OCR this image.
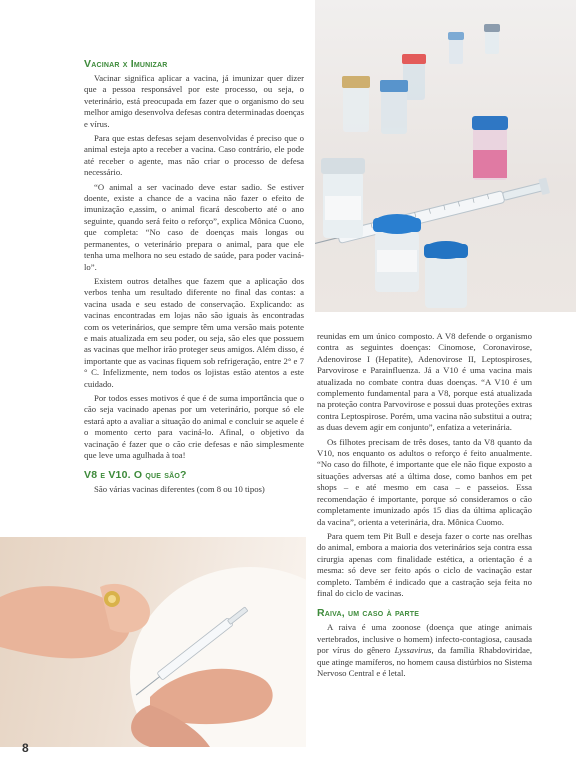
Vacinar x Imunizar

Vacinar significa aplicar a vacina, já imunizar quer dizer que a pessoa responsável por este processo, ou seja, o veterinário, está preocupada em fazer que o organismo do seu melhor amigo desenvolva defesas contra determinadas doenças e vírus.

Para que estas defesas sejam desenvolvidas é preciso que o animal esteja apto a receber a vacina. Caso contrário, ele pode até receber o agente, mas não criar o processo de defesa necessário.

“O animal a ser vacinado deve estar sadio. Se estiver doente, existe a chance de a vacina não fazer o efeito de imunização e,assim, o animal ficará descoberto até o ano seguinte, quando será feito o reforço”, explica Mônica Cuono, que completa: “No caso de doenças mais longas ou permanentes, o veterinário prepara o animal, para que ele tenha uma melhora no seu estado de saúde, para poder vaciná-lo”.

Existem outros detalhes que fazem que a aplicação dos verbos tenha um resultado diferente no final das contas: a vacina usada e seu estado de conservação. Explicando: as vacinas encontradas em lojas não são iguais às encontradas com os veterinários, que sempre têm uma versão mais potente e mais atualizada em seu poder, ou seja, são eles que possuem as vacinas que melhor irão proteger seus amigos. Além disso, é importante que as vacinas fiquem sob refrigeração, entre 2° e 7 ° C. Infelizmente, nem todos os lojistas estão atentos a este cuidado.

Por todos esses motivos é que é de suma importância que o cão seja vacinado apenas por um veterinário, porque só ele estará apto a avaliar a situação do animal e concluir se aquele é o momento certo para vaciná-lo. Afinal, o objetivo da vacinação é fazer que o cão crie defesas e não simplesmente que leve uma agulhada à toa!

V8 e V10. O que são?

São várias vacinas diferentes (com 8 ou 10 tipos)

reunidas em um único composto. A V8 defende o organismo contra as seguintes doenças: Cinomose, Coronavirose, Adenovirose I (Hepatite), Adenovirose II, Leptospiroses, Parvovirose e Parainfluenza. Já a V10 é uma vacina mais atualizada no combate contra duas doenças. “A V10 é um complemento fundamental para a V8, porque está atualizada na proteção contra Parvovirose e possui duas proteções extras contra Leptospirose. Porém, uma vacina não substitui a outra; as duas devem agir em conjunto”, enfatiza a veterinária.

Os filhotes precisam de três doses, tanto da V8 quanto da V10, nos enquanto os adultos o reforço é feito anualmente. “No caso do filhote, é importante que ele não fique exposto a situações adversas até a última dose, como banhos em pet shops – e até mesmo em casa – e passeios. Essa recomendação é importante, porque só consideramos o cão completamente imunizado após 15 dias da última aplicação da vacina”, orienta a veterinária, dra. Mônica Cuomo.

Para quem tem Pit Bull e deseja fazer o corte nas orelhas do animal, embora a maioria dos veterinários seja contra essa cirurgia apenas com finalidade estética, a orientação é a mesma: só deve ser feito após o ciclo de vacinação estar completo. Também é indicado que a castração seja feita no final do ciclo de vacinas.

Raiva, um caso à parte

A raiva é uma zoonose (doença que atinge animais vertebrados, inclusive o homem) infecto-contagiosa, causada por vírus do gênero Lyssavirus, da família Rhabdoviridae, que atinge mamíferos, no homem causa distúrbios no Sistema Nervoso Central e é letal.

8
